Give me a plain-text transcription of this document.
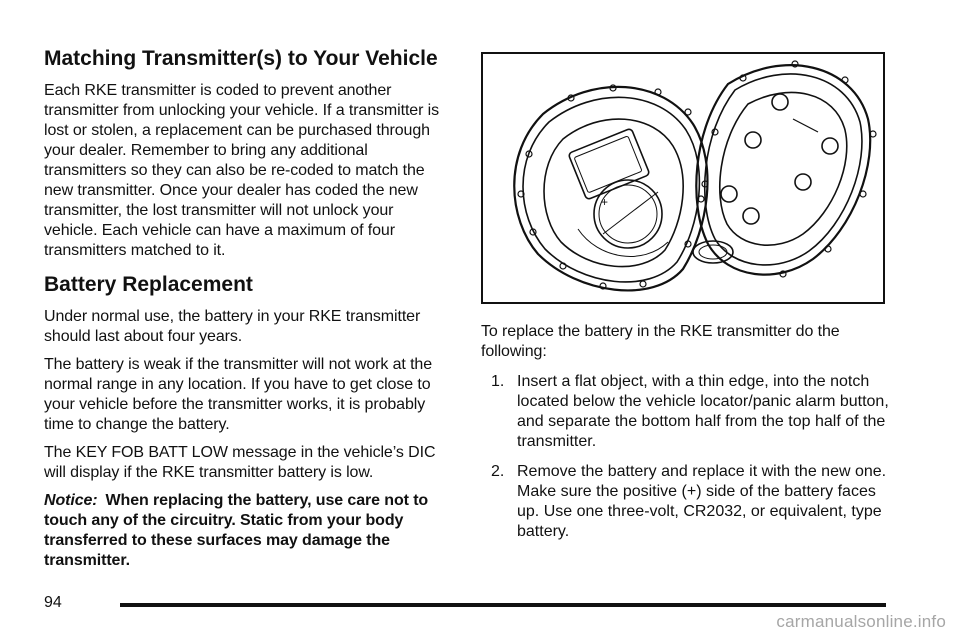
Matching Transmitter(s) to Your Vehicle

Each RKE transmitter is coded to prevent another transmitter from unlocking your vehicle. If a transmitter is lost or stolen, a replacement can be purchased through your dealer. Remember to bring any additional transmitters so they can also be re-coded to match the new transmitter. Once your dealer has coded the new transmitter, the lost transmitter will not unlock your vehicle. Each vehicle can have a maximum of four transmitters matched to it.

Battery Replacement

Under normal use, the battery in your RKE transmitter should last about four years.

The battery is weak if the transmitter will not work at the normal range in any location. If you have to get close to your vehicle before the transmitter works, it is probably time to change the battery.

The KEY FOB BATT LOW message in the vehicle’s DIC will display if the RKE transmitter battery is low.

Notice: When replacing the battery, use care not to touch any of the circuitry. Static from your body transferred to these surfaces may damage the transmitter.

+

To replace the battery in the RKE transmitter do the following:

1. Insert a flat object, with a thin edge, into the notch located below the vehicle locator/panic alarm button, and separate the bottom half from the top half of the transmitter.
2. Remove the battery and replace it with the new one. Make sure the positive (+) side of the battery faces up. Use one three-volt, CR2032, or equivalent, type battery.
94
carmanualsonline.info
